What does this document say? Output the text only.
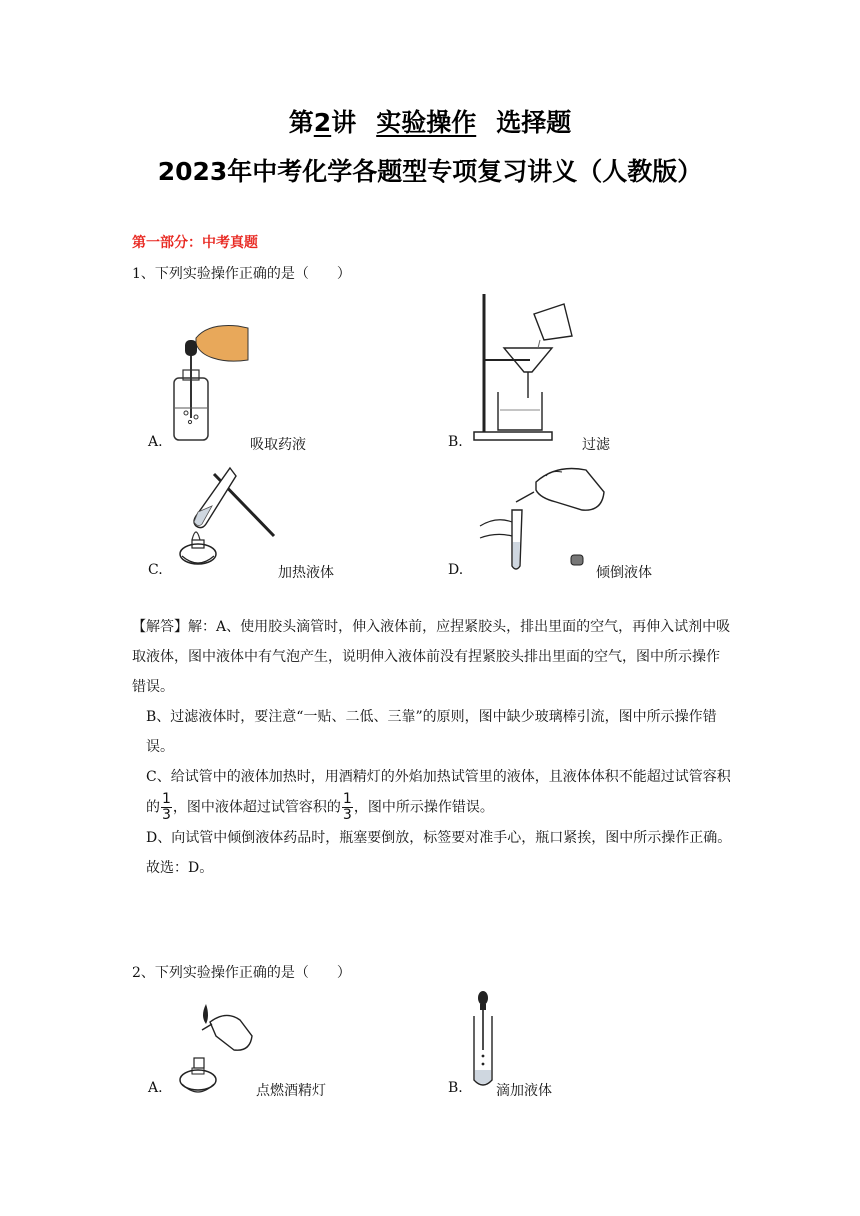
第2讲 实验操作 选择题
2023年中考化学各题型专项复习讲义（人教版）
第一部分：中考真题
1、下列实验操作正确的是（　　）
A.	吸取药液	B.	过滤
C.	加热液体	D.	倾倒液体

【解答】解：A、使用胶头滴管时，伸入液体前，应捏紧胶头，排出里面的空气，再伸入试剂中吸取液体，图中液体中有气泡产生，说明伸入液体前没有捏紧胶头排出里面的空气，图中所示操作错误。

B、过滤液体时，要注意“一贴、二低、三靠”的原则，图中缺少玻璃棒引流，图中所示操作错误。

C、给试管中的液体加热时，用酒精灯的外焰加热试管里的液体，且液体体积不能超过试管容积的 $\frac{1}{3}$ ，图中液体超过试管容积的 $\frac{1}{3}$ ，图中所示操作错误。

D、向试管中倾倒液体药品时，瓶塞要倒放，标签要对准手心，瓶口紧挨，图中所示操作正确。

故选：D。

2、下列实验操作正确的是（　　）
A.	点燃酒精灯	B. 滴加液体
